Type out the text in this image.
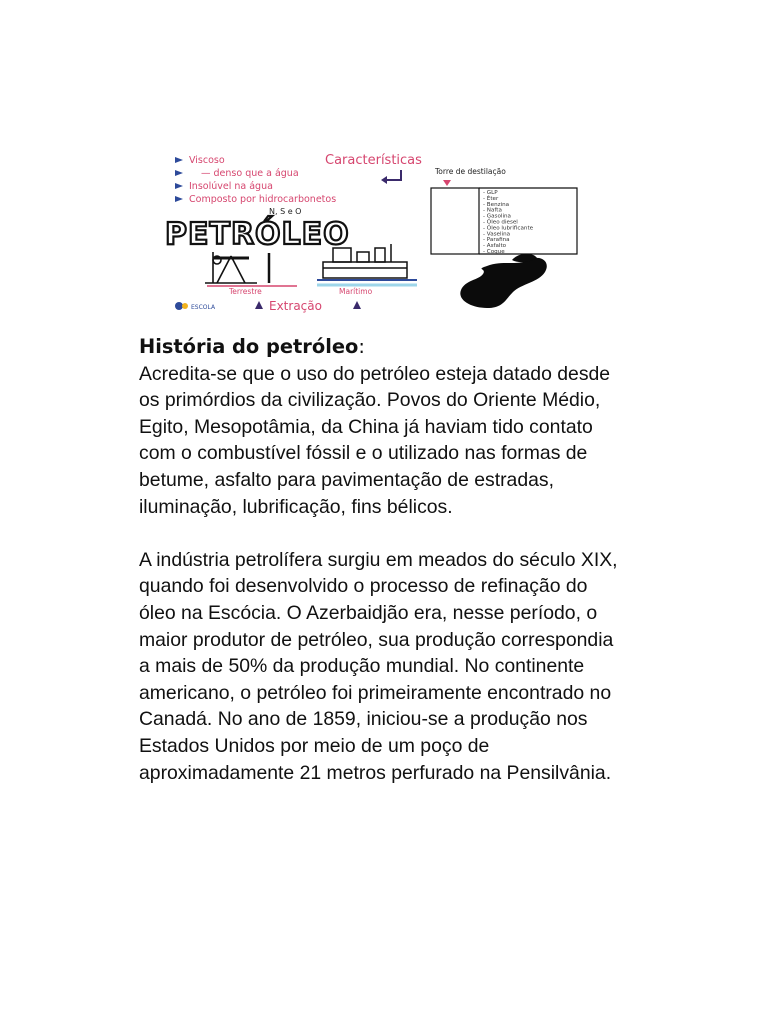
Características
Viscoso
— denso que a água
Insolúvel na água
Composto por hidrocarbonetos
N, S e O
PETRÓLEO
Terrestre	Marítimo
Extração
ESCOLA
Torre de destilação
- GLP
- Éter
- Benzina
- Nafta
- Gasolina
- Óleo diesel
- Óleo lubrificante
- Vaselina
- Parafina
- Asfalto
- Coque

História do petróleo:
Acredita-se que o uso do petróleo esteja datado desde os primórdios da civilização. Povos do Oriente Médio, Egito, Mesopotâmia, da China já haviam tido contato com o combustível fóssil e o utilizado nas formas de betume, asfalto para pavimentação de estradas, iluminação, lubrificação, fins bélicos.

A indústria petrolífera surgiu em meados do século XIX, quando foi desenvolvido o processo de refinação do óleo na Escócia. O Azerbaidjão era, nesse período, o maior produtor de petróleo, sua produção correspondia a mais de 50% da produção mundial. No continente americano, o petróleo foi primeiramente encontrado no Canadá. No ano de 1859, iniciou-se a produção nos Estados Unidos por meio de um poço de aproximadamente 21 metros perfurado na Pensilvânia.
